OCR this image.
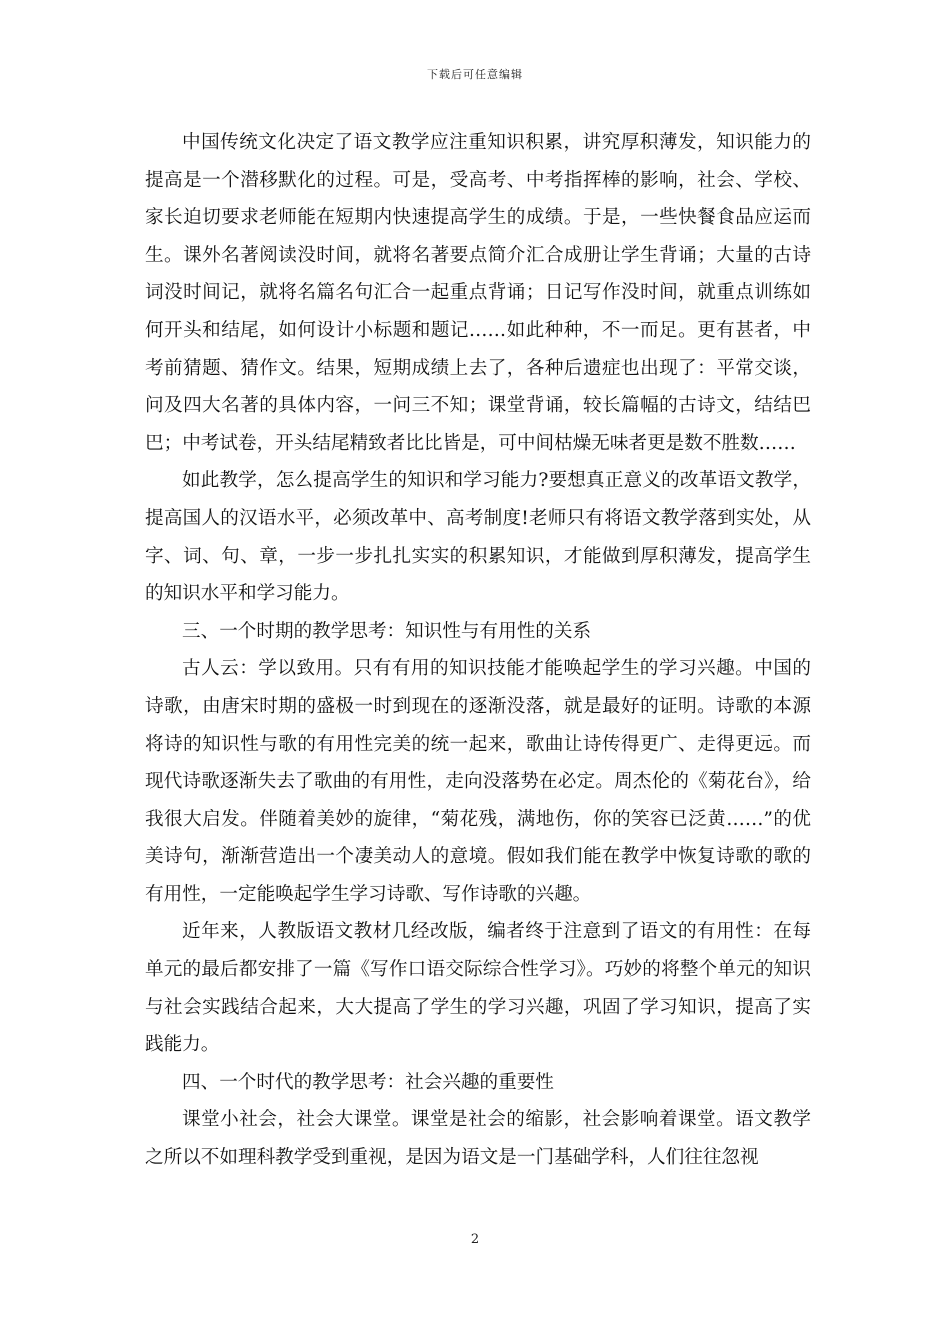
下载后可任意编辑

中国传统文化决定了语文教学应注重知识积累，讲究厚积薄发，知识能力的提高是一个潜移默化的过程。可是，受高考、中考指挥棒的影响，社会、学校、家长迫切要求老师能在短期内快速提高学生的成绩。于是，一些快餐食品应运而生。课外名著阅读没时间，就将名著要点简介汇合成册让学生背诵；大量的古诗词没时间记，就将名篇名句汇合一起重点背诵；日记写作没时间，就重点训练如何开头和结尾，如何设计小标题和题记……如此种种，不一而足。更有甚者，中考前猜题、猜作文。结果，短期成绩上去了，各种后遗症也出现了：平常交谈，问及四大名著的具体内容，一问三不知；课堂背诵，较长篇幅的古诗文，结结巴巴；中考试卷，开头结尾精致者比比皆是，可中间枯燥无味者更是数不胜数……

如此教学，怎么提高学生的知识和学习能力?要想真正意义的改革语文教学，提高国人的汉语水平，必须改革中、高考制度!老师只有将语文教学落到实处，从字、词、句、章，一步一步扎扎实实的积累知识，才能做到厚积薄发，提高学生的知识水平和学习能力。

三、一个时期的教学思考：知识性与有用性的关系

古人云：学以致用。只有有用的知识技能才能唤起学生的学习兴趣。中国的诗歌，由唐宋时期的盛极一时到现在的逐渐没落，就是最好的证明。诗歌的本源将诗的知识性与歌的有用性完美的统一起来，歌曲让诗传得更广、走得更远。而现代诗歌逐渐失去了歌曲的有用性，走向没落势在必定。周杰伦的《菊花台》，给我很大启发。伴随着美妙的旋律，“菊花残，满地伤，你的笑容已泛黄……”的优美诗句，渐渐营造出一个凄美动人的意境。假如我们能在教学中恢复诗歌的歌的有用性，一定能唤起学生学习诗歌、写作诗歌的兴趣。

近年来，人教版语文教材几经改版，编者终于注意到了语文的有用性：在每单元的最后都安排了一篇《写作口语交际综合性学习》。巧妙的将整个单元的知识与社会实践结合起来，大大提高了学生的学习兴趣，巩固了学习知识，提高了实践能力。

四、一个时代的教学思考：社会兴趣的重要性

课堂小社会，社会大课堂。课堂是社会的缩影，社会影响着课堂。语文教学之所以不如理科教学受到重视，是因为语文是一门基础学科，人们往往忽视

2
